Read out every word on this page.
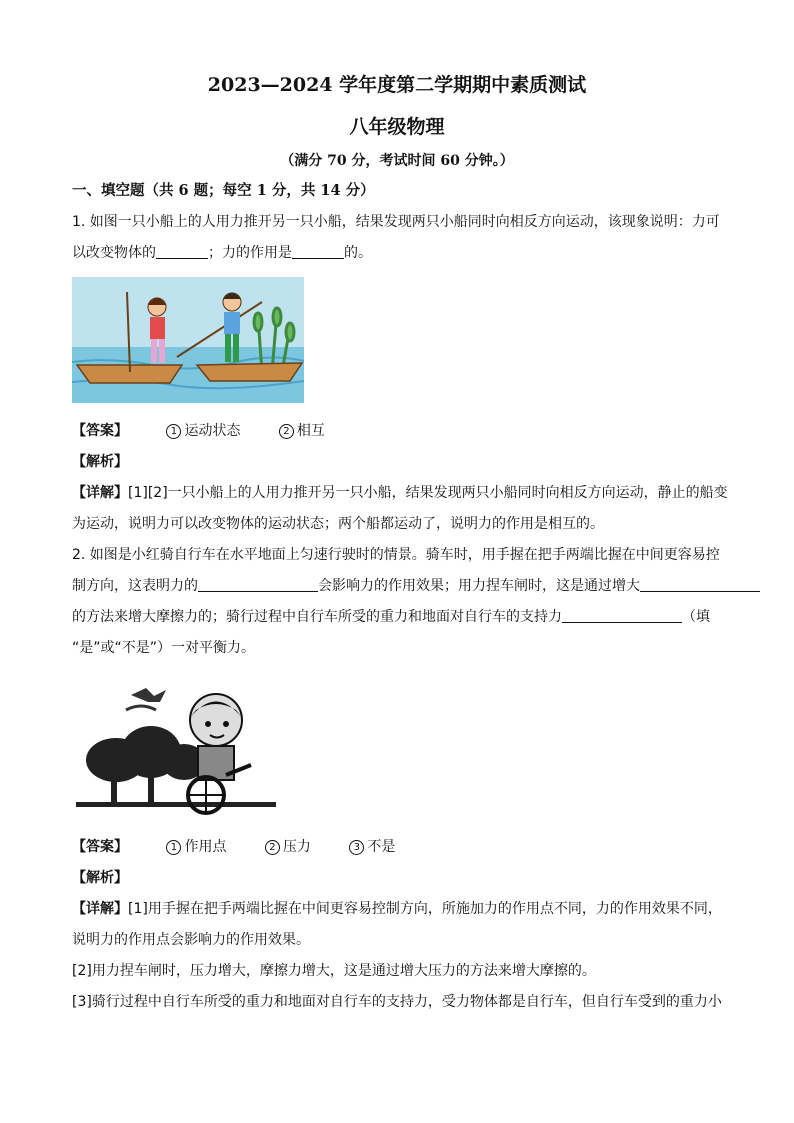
2023—2024 学年度第二学期期中素质测试
八年级物理
（满分 70 分，考试时间 60 分钟。）
一、填空题（共 6 题；每空 1 分，共 14 分）
1. 如图一只小船上的人用力推开另一只小船，结果发现两只小船同时向相反方向运动，该现象说明：力可
以改变物体的	；力的作用是	的。
【答案】	1 运动状态	2 相互
【解析】
【详解】[1][2]一只小船上的人用力推开另一只小船，结果发现两只小船同时向相反方向运动，静止的船变
为运动，说明力可以改变物体的运动状态；两个船都运动了，说明力的作用是相互的。
2. 如图是小红骑自行车在水平地面上匀速行驶时的情景。骑车时，用手握在把手两端比握在中间更容易控
制方向，这表明力的	会影响力的作用效果；用力捏车闸时，这是通过增大
的方法来增大摩擦力的；骑行过程中自行车所受的重力和地面对自行车的支持力	（填
“是”或“不是”）一对平衡力。
【答案】	1 作用点	2 压力	3 不是
【解析】
【详解】[1]用手握在把手两端比握在中间更容易控制方向，所施加力的作用点不同，力的作用效果不同，
说明力的作用点会影响力的作用效果。
[2]用力捏车闸时，压力增大，摩擦力增大，这是通过增大压力的方法来增大摩擦的。
[3]骑行过程中自行车所受的重力和地面对自行车的支持力，受力物体都是自行车，但自行车受到的重力小
